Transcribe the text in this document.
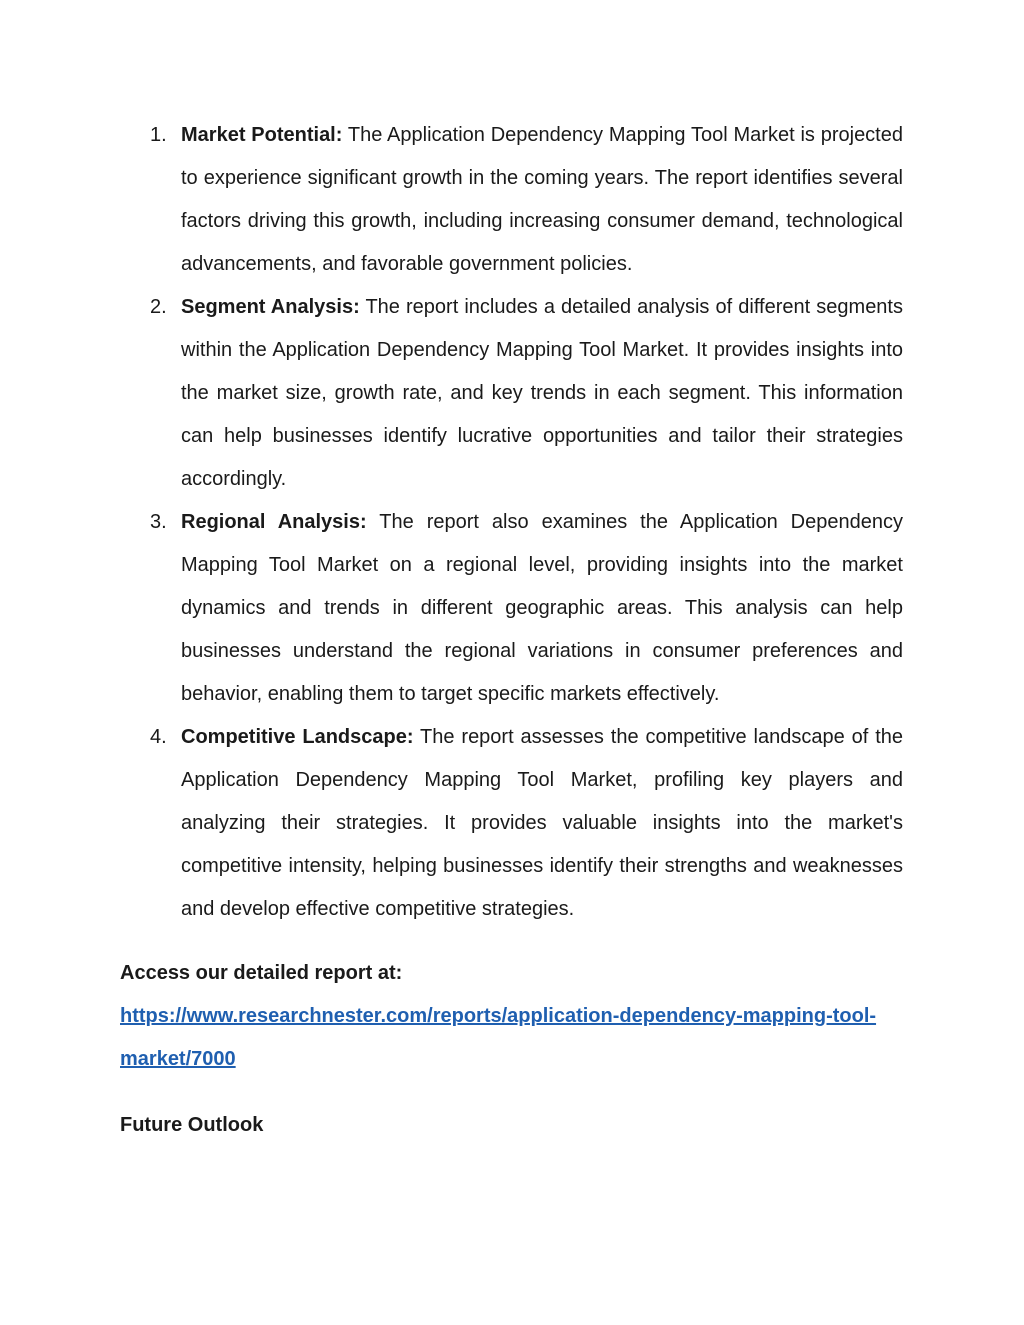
1. Market Potential: The Application Dependency Mapping Tool Market is projected to experience significant growth in the coming years. The report identifies several factors driving this growth, including increasing consumer demand, technological advancements, and favorable government policies.
2. Segment Analysis: The report includes a detailed analysis of different segments within the Application Dependency Mapping Tool Market. It provides insights into the market size, growth rate, and key trends in each segment. This information can help businesses identify lucrative opportunities and tailor their strategies accordingly.
3. Regional Analysis: The report also examines the Application Dependency Mapping Tool Market on a regional level, providing insights into the market dynamics and trends in different geographic areas. This analysis can help businesses understand the regional variations in consumer preferences and behavior, enabling them to target specific markets effectively.
4. Competitive Landscape: The report assesses the competitive landscape of the Application Dependency Mapping Tool Market, profiling key players and analyzing their strategies. It provides valuable insights into the market's competitive intensity, helping businesses identify their strengths and weaknesses and develop effective competitive strategies.
Access our detailed report at:
https://www.researchnester.com/reports/application-dependency-mapping-tool-market/7000
Future Outlook
